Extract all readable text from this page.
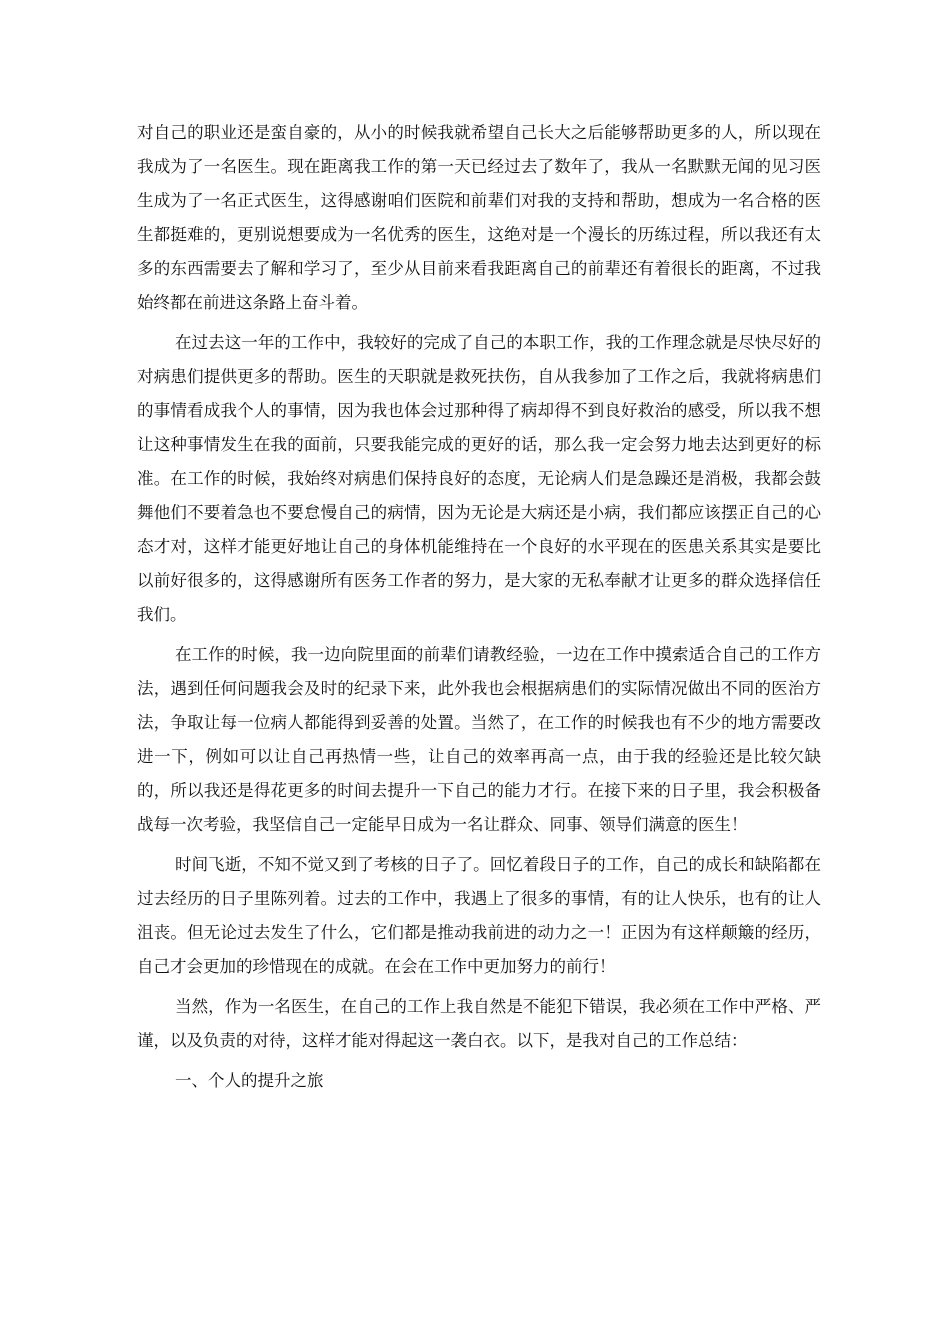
对自己的职业还是蛮自豪的，从小的时候我就希望自己长大之后能够帮助更多的人，所以现在我成为了一名医生。现在距离我工作的第一天已经过去了数年了，我从一名默默无闻的见习医生成为了一名正式医生，这得感谢咱们医院和前辈们对我的支持和帮助，想成为一名合格的医生都挺难的，更别说想要成为一名优秀的医生，这绝对是一个漫长的历练过程，所以我还有太多的东西需要去了解和学习了，至少从目前来看我距离自己的前辈还有着很长的距离，不过我始终都在前进这条路上奋斗着。

在过去这一年的工作中，我较好的完成了自己的本职工作，我的工作理念就是尽快尽好的对病患们提供更多的帮助。医生的天职就是救死扶伤，自从我参加了工作之后，我就将病患们的事情看成我个人的事情，因为我也体会过那种得了病却得不到良好救治的感受，所以我不想让这种事情发生在我的面前，只要我能完成的更好的话，那么我一定会努力地去达到更好的标准。在工作的时候，我始终对病患们保持良好的态度，无论病人们是急躁还是消极，我都会鼓舞他们不要着急也不要怠慢自己的病情，因为无论是大病还是小病，我们都应该摆正自己的心态才对，这样才能更好地让自己的身体机能维持在一个良好的水平现在的医患关系其实是要比以前好很多的，这得感谢所有医务工作者的努力，是大家的无私奉献才让更多的群众选择信任我们。

在工作的时候，我一边向院里面的前辈们请教经验，一边在工作中摸索适合自己的工作方法，遇到任何问题我会及时的纪录下来，此外我也会根据病患们的实际情况做出不同的医治方法，争取让每一位病人都能得到妥善的处置。当然了，在工作的时候我也有不少的地方需要改进一下，例如可以让自己再热情一些，让自己的效率再高一点，由于我的经验还是比较欠缺的，所以我还是得花更多的时间去提升一下自己的能力才行。在接下来的日子里，我会积极备战每一次考验，我坚信自己一定能早日成为一名让群众、同事、领导们满意的医生！

时间飞逝，不知不觉又到了考核的日子了。回忆着段日子的工作，自己的成长和缺陷都在过去经历的日子里陈列着。过去的工作中，我遇上了很多的事情，有的让人快乐，也有的让人沮丧。但无论过去发生了什么，它们都是推动我前进的动力之一！正因为有这样颠簸的经历，自己才会更加的珍惜现在的成就。在会在工作中更加努力的前行！

当然，作为一名医生，在自己的工作上我自然是不能犯下错误，我必须在工作中严格、严谨，以及负责的对待，这样才能对得起这一袭白衣。以下，是我对自己的工作总结：

一、个人的提升之旅
